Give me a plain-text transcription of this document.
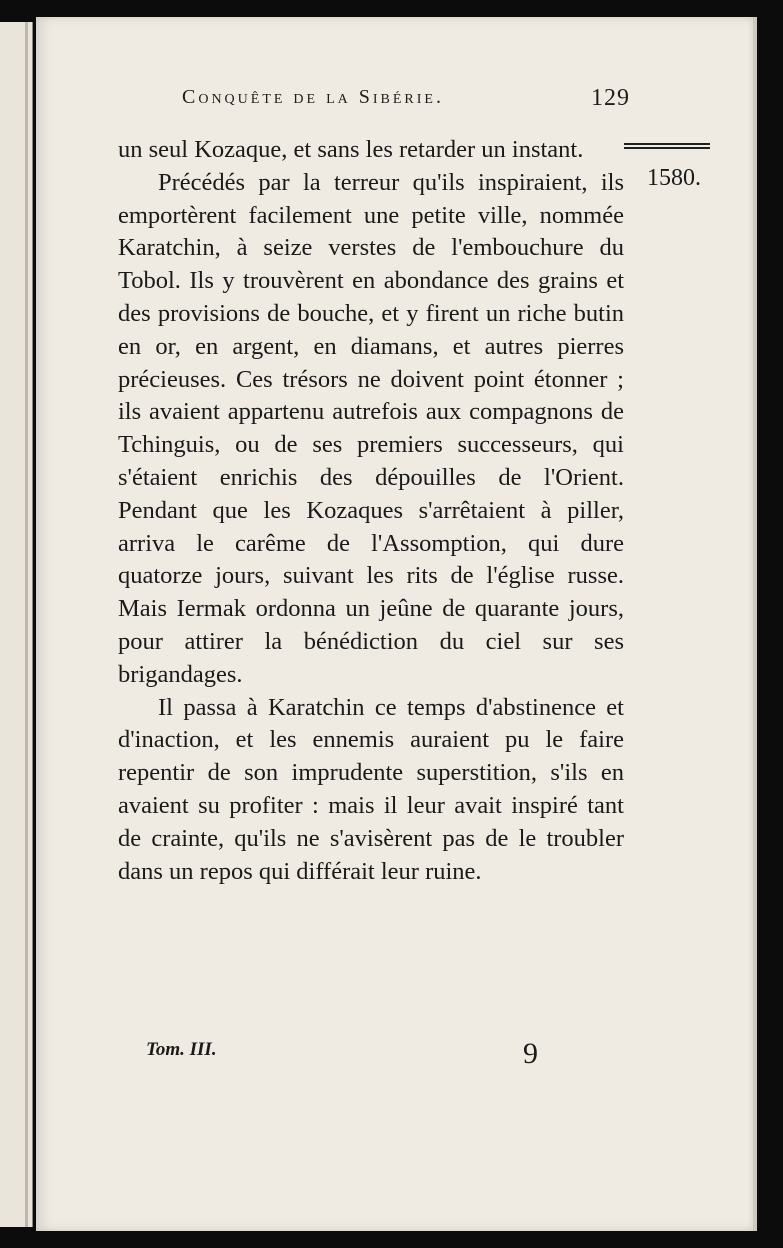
Conquête de la Sibérie.	129
1580.

un seul Kozaque, et sans les retarder un instant.

Précédés par la terreur qu'ils inspiraient, ils emportèrent facilement une petite ville, nommée Karatchin, à seize verstes de l'embouchure du Tobol. Ils y trouvèrent en abondance des grains et des provisions de bouche, et y firent un riche butin en or, en argent, en diamans, et autres pierres précieuses. Ces trésors ne doivent point étonner ; ils avaient appartenu autrefois aux compagnons de Tchinguis, ou de ses premiers successeurs, qui s'étaient enrichis des dépouilles de l'Orient. Pendant que les Kozaques s'arrêtaient à piller, arriva le carême de l'Assomption, qui dure quatorze jours, suivant les rits de l'église russe. Mais Iermak ordonna un jeûne de quarante jours, pour attirer la bénédiction du ciel sur ses brigandages.

Il passa à Karatchin ce temps d'abstinence et d'inaction, et les ennemis auraient pu le faire repentir de son imprudente superstition, s'ils en avaient su profiter : mais il leur avait inspiré tant de crainte, qu'ils ne s'avisèrent pas de le troubler dans un repos qui différait leur ruine.

Tom. III.	9
